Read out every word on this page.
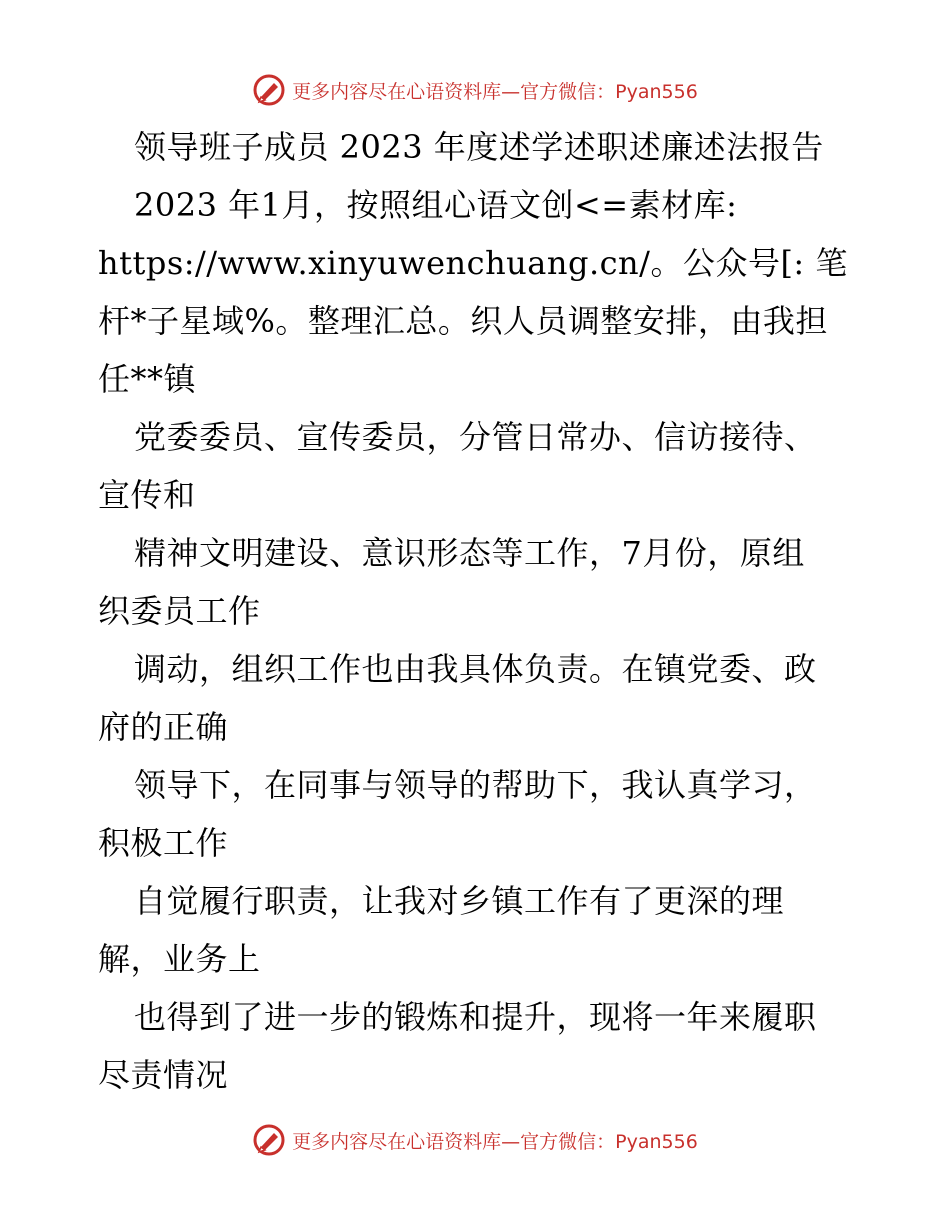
更多内容尽在心语资料库—官方微信：Pyan556
领导班子成员 2023 年度述学述职述廉述法报告
2023 年1月，按照组心语文创<=素材库:
https://www.xinyuwenchuang.cn/。公众号[: 笔
杆*子星域%。整理汇总。织人员调整安排，由我担
任**镇
党委委员、宣传委员，分管日常办、信访接待、
宣传和
精神文明建设、意识形态等工作，7月份，原组
织委员工作
调动，组织工作也由我具体负责。在镇党委、政
府的正确
领导下，在同事与领导的帮助下，我认真学习，
积极工作
自觉履行职责，让我对乡镇工作有了更深的理
解，业务上
也得到了进一步的锻炼和提升，现将一年来履职
尽责情况
更多内容尽在心语资料库—官方微信：Pyan556
